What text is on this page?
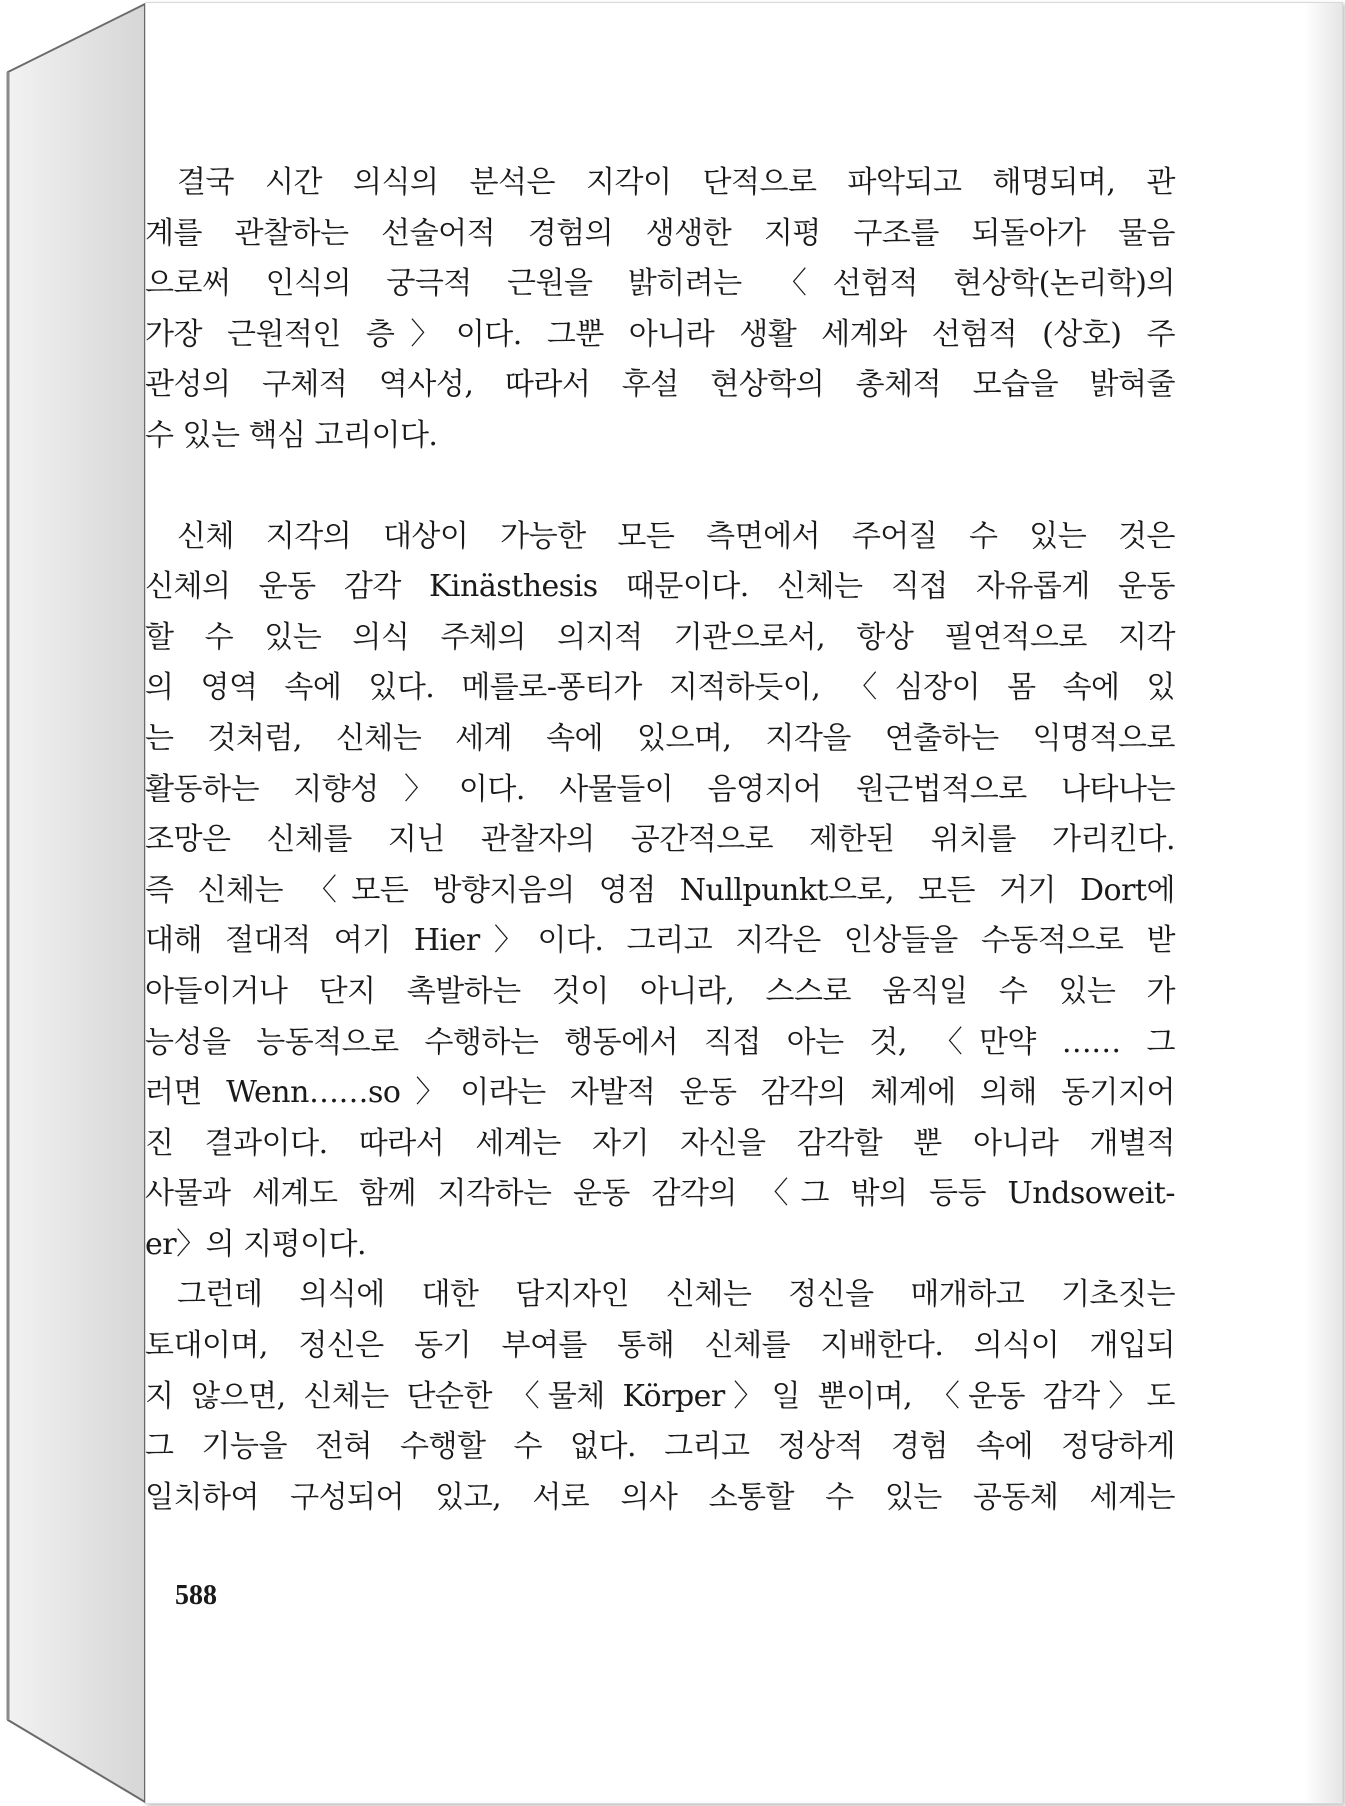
결국 시간 의식의 분석은 지각이 단적으로 파악되고 해명되며, 관
계를 관찰하는 선술어적 경험의 생생한 지평 구조를 되돌아가 물음
으로써 인식의 궁극적 근원을 밝히려는 〈선험적 현상학(논리학)의
가장 근원적인 층〉이다. 그뿐 아니라 생활 세계와 선험적 (상호) 주
관성의 구체적 역사성, 따라서 후설 현상학의 총체적 모습을 밝혀줄
수 있는 핵심 고리이다.
신체 지각의 대상이 가능한 모든 측면에서 주어질 수 있는 것은
신체의 운동 감각 Kinästhesis 때문이다. 신체는 직접 자유롭게 운동
할 수 있는 의식 주체의 의지적 기관으로서, 항상 필연적으로 지각
의 영역 속에 있다. 메를로-퐁티가 지적하듯이, 〈심장이 몸 속에 있
는 것처럼, 신체는 세계 속에 있으며, 지각을 연출하는 익명적으로
활동하는 지향성〉이다. 사물들이 음영지어 원근법적으로 나타나는
조망은 신체를 지닌 관찰자의 공간적으로 제한된 위치를 가리킨다.
즉 신체는 〈모든 방향지음의 영점 Nullpunkt으로, 모든 거기 Dort에
대해 절대적 여기 Hier〉이다. 그리고 지각은 인상들을 수동적으로 받
아들이거나 단지 촉발하는 것이 아니라, 스스로 움직일 수 있는 가
능성을 능동적으로 수행하는 행동에서 직접 아는 것, 〈만약 …… 그
러면 Wenn……so〉이라는 자발적 운동 감각의 체계에 의해 동기지어
진 결과이다. 따라서 세계는 자기 자신을 감각할 뿐 아니라 개별적
사물과 세계도 함께 지각하는 운동 감각의 〈그 밖의 등등 Undsoweit-
er〉의 지평이다.
그런데 의식에 대한 담지자인 신체는 정신을 매개하고 기초짓는
토대이며, 정신은 동기 부여를 통해 신체를 지배한다. 의식이 개입되
지 않으면, 신체는 단순한 〈물체 Körper〉일 뿐이며, 〈운동 감각〉도
그 기능을 전혀 수행할 수 없다. 그리고 정상적 경험 속에 정당하게
일치하여 구성되어 있고, 서로 의사 소통할 수 있는 공동체 세계는
588
